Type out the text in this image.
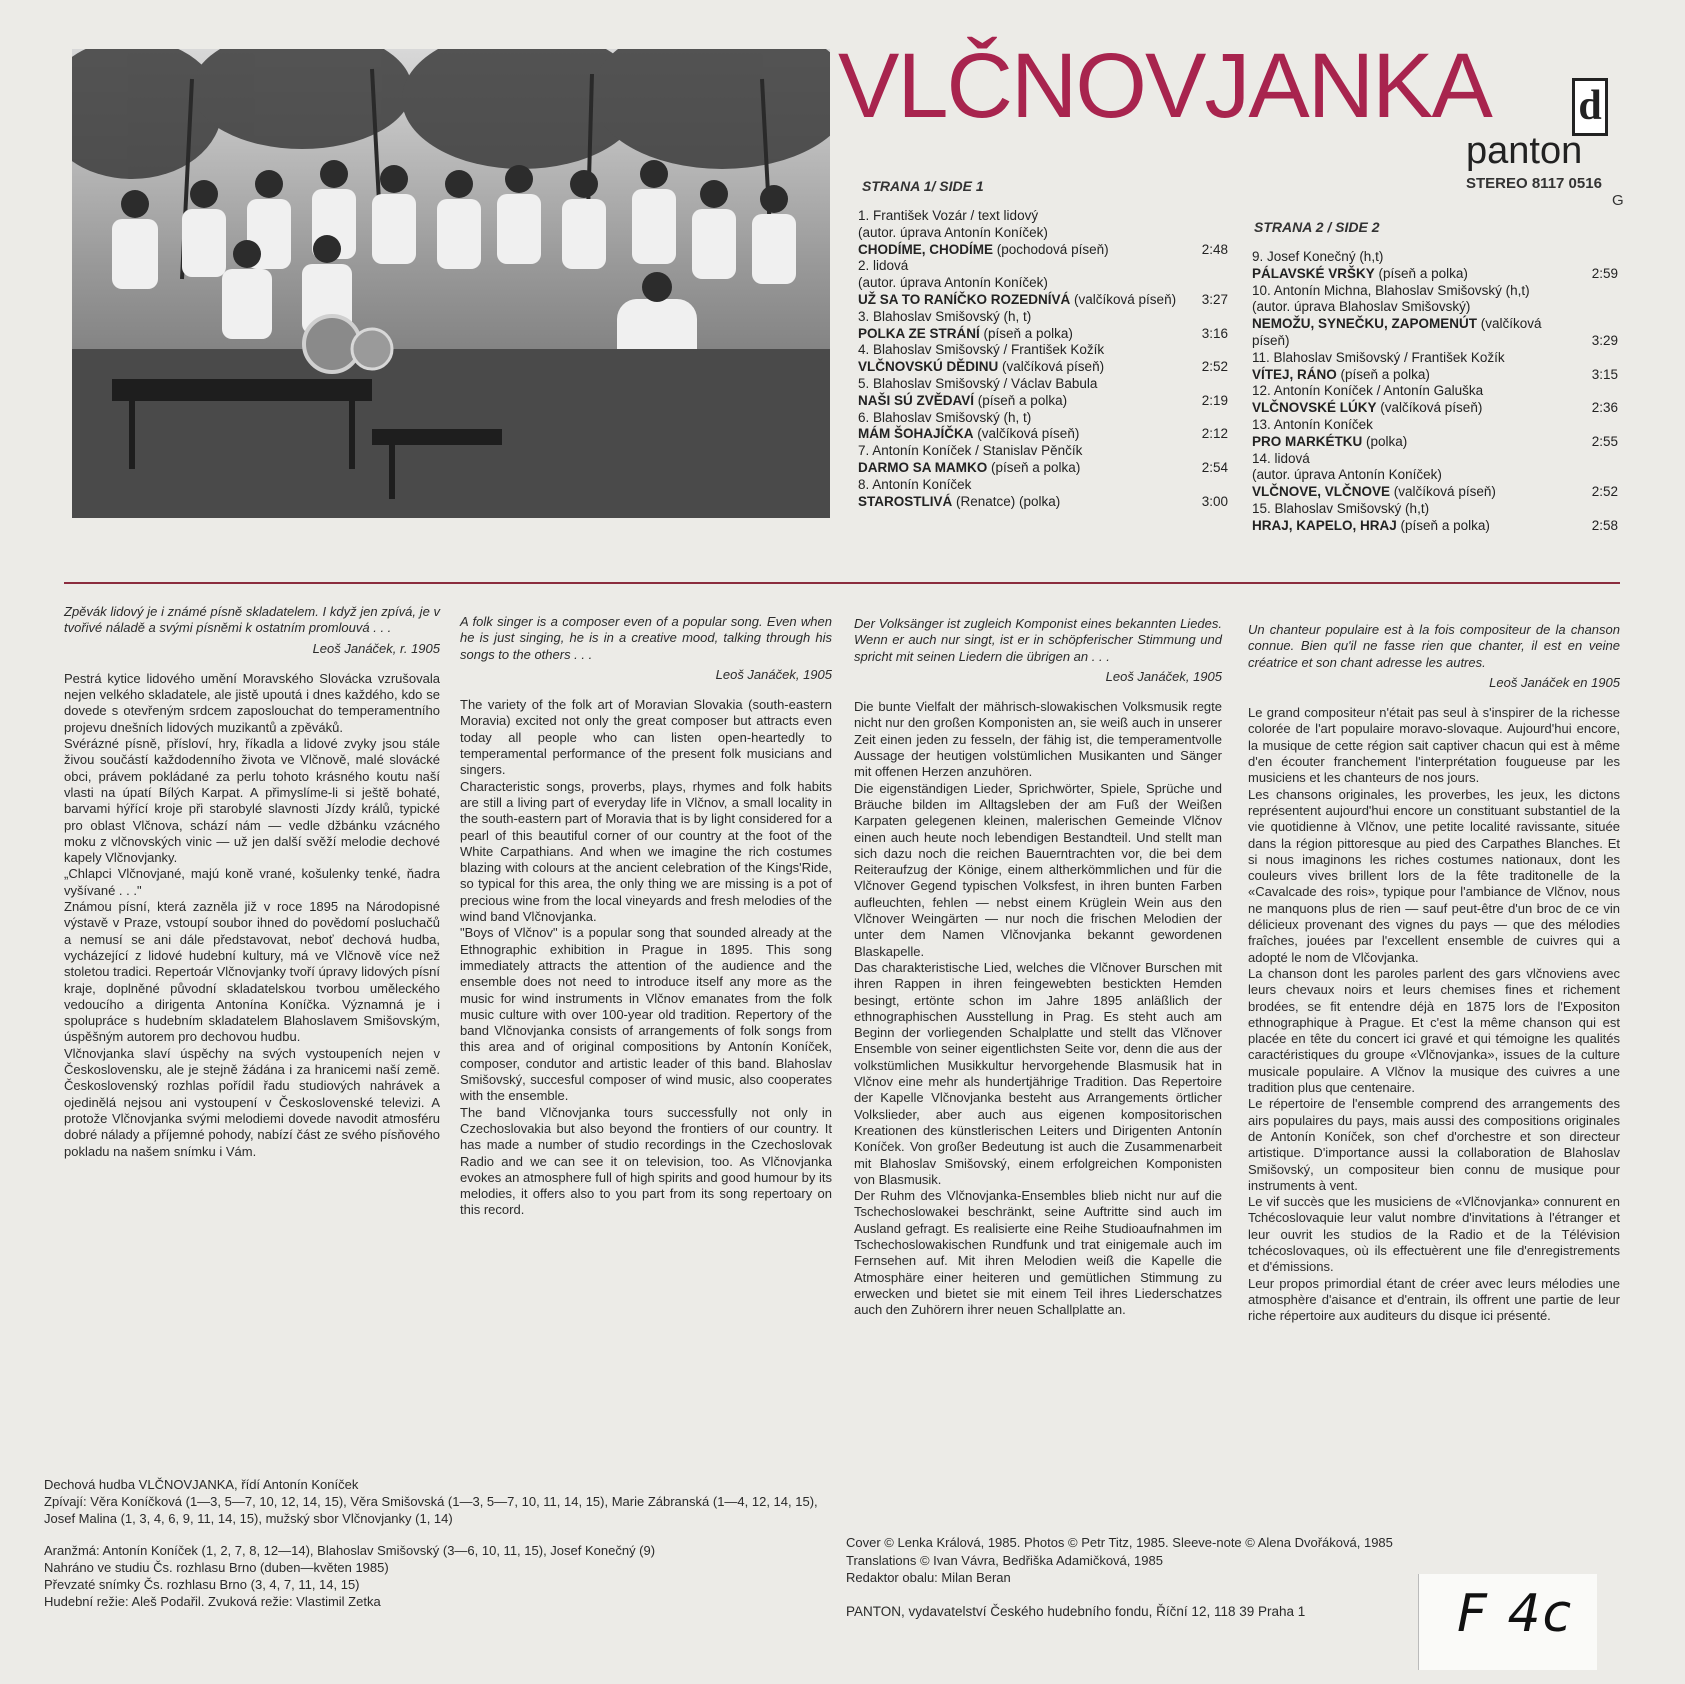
VLČNOVJANKA d
panton
STEREO 8117 0516
G
STRANA 1/ SIDE 1
1. František Vozár / text lidový
(autor. úprava Antonín Koníček)
CHODÍME, CHODÍME (pochodová píseň)	2:48
2. lidová
(autor. úprava Antonín Koníček)
UŽ SA TO RANÍČKO ROZEDNÍVÁ (valčíková píseň)	3:27
3. Blahoslav Smišovský (h, t)
POLKA ZE STRÁNÍ (píseň a polka)	3:16
4. Blahoslav Smišovský / František Kožík
VLČNOVSKÚ DĚDINU (valčíková píseň)	2:52
5. Blahoslav Smišovský / Václav Babula
NAŠI SÚ ZVĚDAVÍ (píseň a polka)	2:19
6. Blahoslav Smišovský (h, t)
MÁM ŠOHAJÍČKA (valčíková píseň)	2:12
7. Antonín Koníček / Stanislav Pěnčík
DARMO SA MAMKO (píseň a polka)	2:54
8. Antonín Koníček
STAROSTLIVÁ (Renatce) (polka)	3:00
STRANA 2 / SIDE 2
9. Josef Konečný (h,t)
PÁLAVSKÉ VRŠKY (píseň a polka)	2:59
10. Antonín Michna, Blahoslav Smišovský (h,t)
(autor. úprava Blahoslav Smišovský)
NEMOŽU, SYNEČKU, ZAPOMENÚT (valčíková píseň)	3:29
11. Blahoslav Smišovský / František Kožík
VÍTEJ, RÁNO (píseň a polka)	3:15
12. Antonín Koníček / Antonín Galuška
VLČNOVSKÉ LÚKY (valčíková píseň)	2:36
13. Antonín Koníček
PRO MARKÉTKU (polka)	2:55
14. lidová
(autor. úprava Antonín Koníček)
VLČNOVE, VLČNOVE (valčíková píseň)	2:52
15. Blahoslav Smišovský (h,t)
HRAJ, KAPELO, HRAJ (píseň a polka)	2:58
Zpěvák lidový je i známé písně skladatelem. I když jen zpívá, je v tvořivé náladě a svými písněmi k ostatním promlouvá . . .
Leoš Janáček, r. 1905

Pestrá kytice lidového umění Moravského Slovácka vzrušovala nejen velkého skladatele, ale jistě upoutá i dnes každého, kdo se dovede s otevřeným srdcem zaposlouchat do temperamentního projevu dnešních lidových muzikantů a zpěváků.

Svérázné písně, přísloví, hry, říkadla a lidové zvyky jsou stále živou součástí každodenního života ve Vlčnově, malé slovácké obci, právem pokládané za perlu tohoto krásného koutu naší vlasti na úpatí Bílých Karpat. A přimyslíme-li si ještě bohaté, barvami hýřící kroje při starobylé slavnosti Jízdy králů, typické pro oblast Vlčnova, schází nám — vedle džbánku vzácného moku z vlčnovských vinic — už jen další svěží melodie dechové kapely Vlčnovjanky.

„Chlapci Vlčnovjané, majú koně vrané, košulenky tenké, ňadra vyšívané . . ."

Známou písní, která zazněla již v roce 1895 na Národopisné výstavě v Praze, vstoupí soubor ihned do povědomí posluchačů a nemusí se ani dále představovat, neboť dechová hudba, vycházející z lidové hudební kultury, má ve Vlčnově více než stoletou tradici. Repertoár Vlčnovjanky tvoří úpravy lidových písní kraje, doplněné původní skladatelskou tvorbou uměleckého vedoucího a dirigenta Antonína Koníčka. Významná je i spolupráce s hudebním skladatelem Blahoslavem Smišovským, úspěšným autorem pro dechovou hudbu.

Vlčnovjanka slaví úspěchy na svých vystoupeních nejen v Československu, ale je stejně žádána i za hranicemi naší země. Československý rozhlas pořídil řadu studiových nahrávek a ojedinělá nejsou ani vystoupení v Československé televizi. A protože Vlčnovjanka svými melodiemi dovede navodit atmosféru dobré nálady a příjemné pohody, nabízí část ze svého písňového pokladu na našem snímku i Vám.

A folk singer is a composer even of a popular song. Even when he is just singing, he is in a creative mood, talking through his songs to the others . . .
Leoš Janáček, 1905

The variety of the folk art of Moravian Slovakia (south-eastern Moravia) excited not only the great composer but attracts even today all people who can listen open-heartedly to temperamental performance of the present folk musicians and singers.

Characteristic songs, proverbs, plays, rhymes and folk habits are still a living part of everyday life in Vlčnov, a small locality in the south-eastern part of Moravia that is by light considered for a pearl of this beautiful corner of our country at the foot of the White Carpathians. And when we imagine the rich costumes blazing with colours at the ancient celebration of the Kings'Ride, so typical for this area, the only thing we are missing is a pot of precious wine from the local vineyards and fresh melodies of the wind band Vlčnovjanka.

"Boys of Vlčnov" is a popular song that sounded already at the Ethnographic exhibition in Prague in 1895. This song immediately attracts the attention of the audience and the ensemble does not need to introduce itself any more as the music for wind instruments in Vlčnov emanates from the folk music culture with over 100-year old tradition. Repertory of the band Vlčnovjanka consists of arrangements of folk songs from this area and of original compositions by Antonín Koníček, composer, condutor and artistic leader of this band. Blahoslav Smišovský, succesful composer of wind music, also cooperates with the ensemble.

The band Vlčnovjanka tours successfully not only in Czechoslovakia but also beyond the frontiers of our country. It has made a number of studio recordings in the Czechoslovak Radio and we can see it on television, too. As Vlčnovjanka evokes an atmosphere full of high spirits and good humour by its melodies, it offers also to you part from its song repertoary on this record.

Der Volksänger ist zugleich Komponist eines bekannten Liedes. Wenn er auch nur singt, ist er in schöpferischer Stimmung und spricht mit seinen Liedern die übrigen an . . .
Leoš Janáček, 1905

Die bunte Vielfalt der mährisch-slowakischen Volksmusik regte nicht nur den großen Komponisten an, sie weiß auch in unserer Zeit einen jeden zu fesseln, der fähig ist, die temperamentvolle Aussage der heutigen volstümlichen Musikanten und Sänger mit offenen Herzen anzuhören.

Die eigenständigen Lieder, Sprichwörter, Spiele, Sprüche und Bräuche bilden im Alltagsleben der am Fuß der Weißen Karpaten gelegenen kleinen, malerischen Gemeinde Vlčnov einen auch heute noch lebendigen Bestandteil. Und stellt man sich dazu noch die reichen Bauerntrachten vor, die bei dem Reiteraufzug der Könige, einem altherkömmlichen und für die Vlčnover Gegend typischen Volksfest, in ihren bunten Farben aufleuchten, fehlen — nebst einem Krüglein Wein aus den Vlčnover Weingärten — nur noch die frischen Melodien der unter dem Namen Vlčnovjanka bekannt gewordenen Blaskapelle.

Das charakteristische Lied, welches die Vlčnover Burschen mit ihren Rappen in ihren feingewebten bestickten Hemden besingt, ertönte schon im Jahre 1895 anläßlich der ethnographischen Ausstellung in Prag. Es steht auch am Beginn der vorliegenden Schalplatte und stellt das Vlčnover Ensemble von seiner eigentlichsten Seite vor, denn die aus der volkstümlichen Musikkultur hervorgehende Blasmusik hat in Vlčnov eine mehr als hundertjährige Tradition. Das Repertoire der Kapelle Vlčnovjanka besteht aus Arrangements örtlicher Volkslieder, aber auch aus eigenen kompositorischen Kreationen des künstlerischen Leiters und Dirigenten Antonín Koníček. Von großer Bedeutung ist auch die Zusammenarbeit mit Blahoslav Smišovský, einem erfolgreichen Komponisten von Blasmusik.

Der Ruhm des Vlčnovjanka-Ensembles blieb nicht nur auf die Tschechoslowakei beschränkt, seine Auftritte sind auch im Ausland gefragt. Es realisierte eine Reihe Studioaufnahmen im Tschechoslowakischen Rundfunk und trat einigemale auch im Fernsehen auf. Mit ihren Melodien weiß die Kapelle die Atmosphäre einer heiteren und gemütlichen Stimmung zu erwecken und bietet sie mit einem Teil ihres Liederschatzes auch den Zuhörern ihrer neuen Schallplatte an.

Un chanteur populaire est à la fois compositeur de la chanson connue. Bien qu'il ne fasse rien que chanter, il est en veine créatrice et son chant adresse les autres.
Leoš Janáček en 1905

Le grand compositeur n'était pas seul à s'inspirer de la richesse colorée de l'art populaire moravo-slovaque. Aujourd'hui encore, la musique de cette région sait captiver chacun qui est à même d'en écouter franchement l'interprétation fougueuse par les musiciens et les chanteurs de nos jours.

Les chansons originales, les proverbes, les jeux, les dictons représentent aujourd'hui encore un constituant substantiel de la vie quotidienne à Vlčnov, une petite localité ravissante, située dans la région pittoresque au pied des Carpathes Blanches. Et si nous imaginons les riches costumes nationaux, dont les couleurs vives brillent lors de la fête traditonelle de la «Cavalcade des rois», typique pour l'ambiance de Vlčnov, nous ne manquons plus de rien — sauf peut-être d'un broc de ce vin délicieux provenant des vignes du pays — que des mélodies fraîches, jouées par l'excellent ensemble de cuivres qui a adopté le nom de Vlčovjanka.

La chanson dont les paroles parlent des gars vlčnoviens avec leurs chevaux noirs et leurs chemises fines et richement brodées, se fit entendre déjà en 1875 lors de l'Expositon ethnographique à Prague. Et c'est la même chanson qui est placée en tête du concert ici gravé et qui témoigne les qualités caractéristiques du groupe «Vlčnovjanka», issues de la culture musicale populaire. A Vlčnov la musique des cuivres a une tradition plus que centenaire.

Le répertoire de l'ensemble comprend des arrangements des airs populaires du pays, mais aussi des compositions originales de Antonín Koníček, son chef d'orchestre et son directeur artistique. D'importance aussi la collaboration de Blahoslav Smišovský, un compositeur bien connu de musique pour instruments à vent.

Le vif succès que les musiciens de «Vlčnovjanka» connurent en Tchécoslovaquie leur valut nombre d'invitations à l'étranger et leur ouvrit les studios de la Radio et de la Télévision tchécoslovaques, où ils effectuèrent une file d'enregistrements et d'émissions.

Leur propos primordial étant de créer avec leurs mélodies une atmosphère d'aisance et d'entrain, ils offrent une partie de leur riche répertoire aux auditeurs du disque ici présenté.

Dechová hudba VLČNOVJANKA, řídí Antonín Koníček
Zpívají: Věra Koníčková (1—3, 5—7, 10, 12, 14, 15), Věra Smišovská (1—3, 5—7, 10, 11, 14, 15), Marie Zábranská (1—4, 12, 14, 15), Josef Malina (1, 3, 4, 6, 9, 11, 14, 15), mužský sbor Vlčnovjanky (1, 14)
Aranžmá: Antonín Koníček (1, 2, 7, 8, 12—14), Blahoslav Smišovský (3—6, 10, 11, 15), Josef Konečný (9)
Nahráno ve studiu Čs. rozhlasu Brno (duben—květen 1985)
Převzaté snímky Čs. rozhlasu Brno (3, 4, 7, 11, 14, 15)
Hudební režie: Aleš Podařil. Zvuková režie: Vlastimil Zetka
Cover © Lenka Králová, 1985. Photos © Petr Titz, 1985. Sleeve-note © Alena Dvořáková, 1985
Translations © Ivan Vávra, Bedřiška Adamičková, 1985
Redaktor obalu: Milan Beran
PANTON, vydavatelství Českého hudebního fondu, Říční 12, 118 39 Praha 1	F 4c
